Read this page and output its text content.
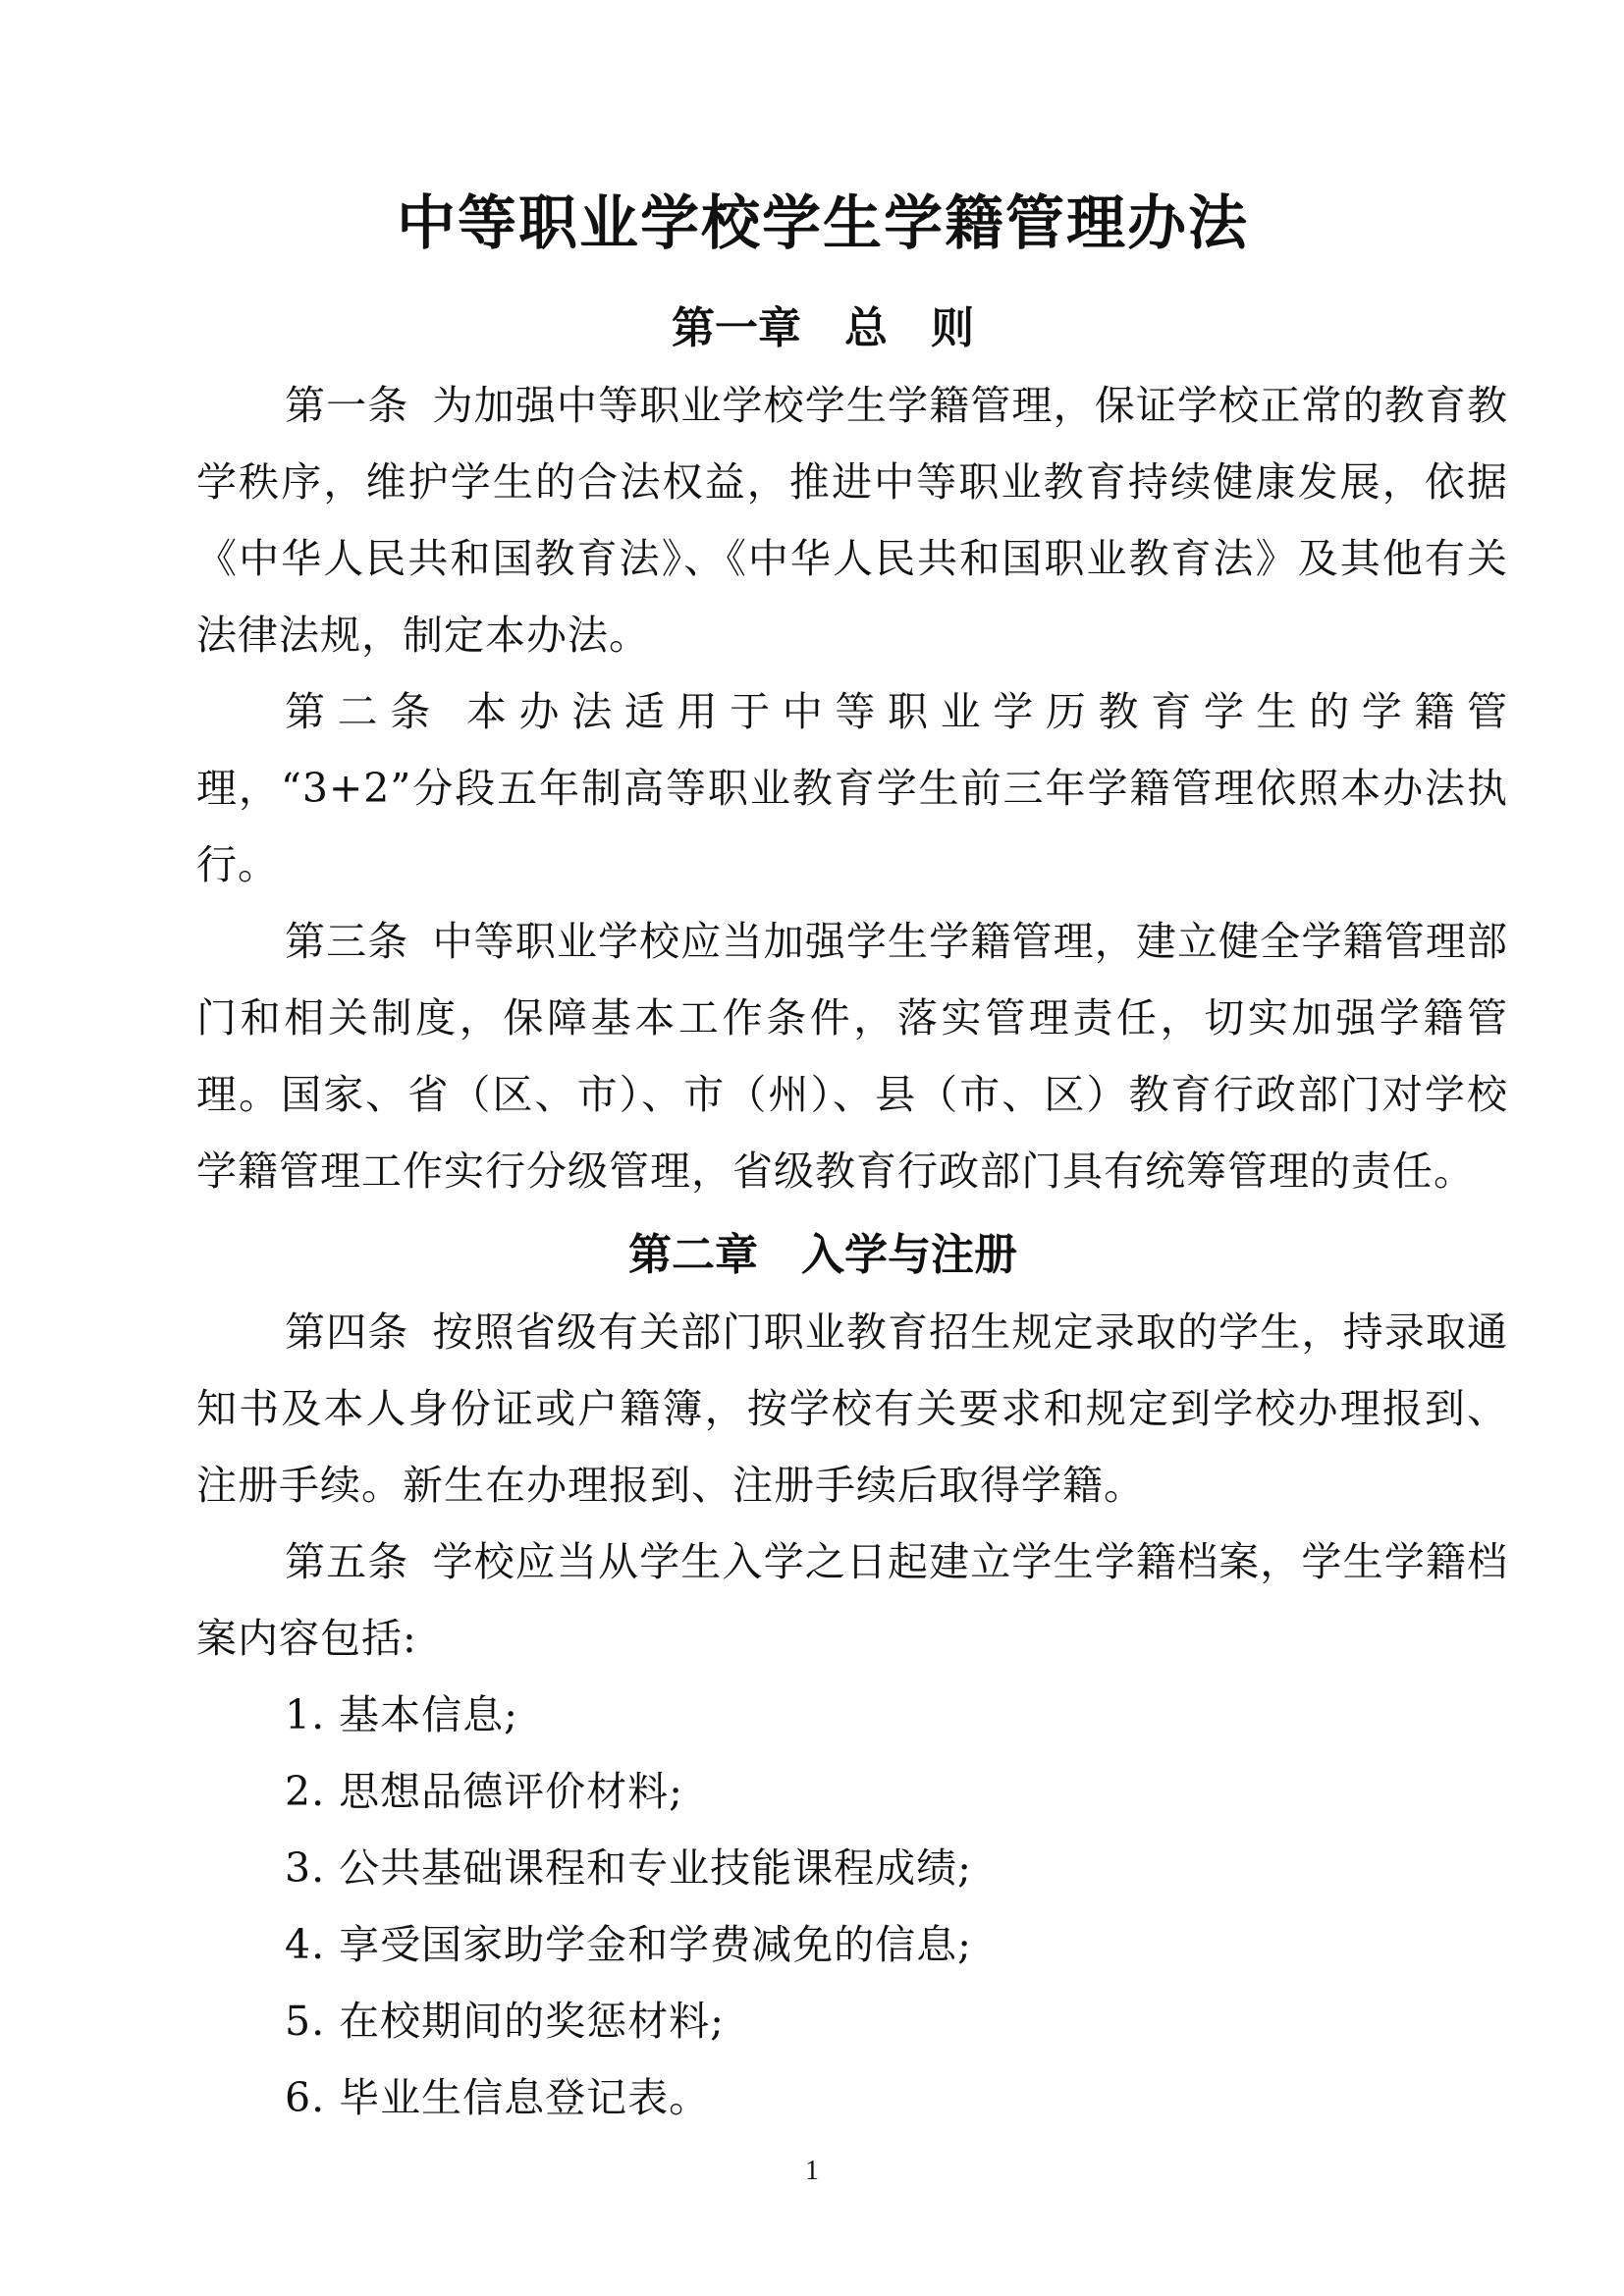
中等职业学校学生学籍管理办法
第一章　总　则

第一条 为加强中等职业学校学生学籍管理，保证学校正常的教育教学秩序，维护学生的合法权益，推进中等职业教育持续健康发展，依据《中华人民共和国教育法》、《中华人民共和国职业教育法》及其他有关法律法规，制定本办法。

第二条 本办法适用于中等职业学历教育学生的学籍管理，“3+2”分段五年制高等职业教育学生前三年学籍管理依照本办法执行。

第三条 中等职业学校应当加强学生学籍管理，建立健全学籍管理部门和相关制度，保障基本工作条件，落实管理责任，切实加强学籍管理。国家、省（区、市）、市（州）、县（市、区）教育行政部门对学校学籍管理工作实行分级管理，省级教育行政部门具有统筹管理的责任。

第二章　入学与注册

第四条 按照省级有关部门职业教育招生规定录取的学生，持录取通知书及本人身份证或户籍簿，按学校有关要求和规定到学校办理报到、注册手续。新生在办理报到、注册手续后取得学籍。

第五条 学校应当从学生入学之日起建立学生学籍档案，学生学籍档案内容包括:

1. 基本信息;

2. 思想品德评价材料;

3. 公共基础课程和专业技能课程成绩;

4. 享受国家助学金和学费减免的信息;

5. 在校期间的奖惩材料;

6. 毕业生信息登记表。

1
